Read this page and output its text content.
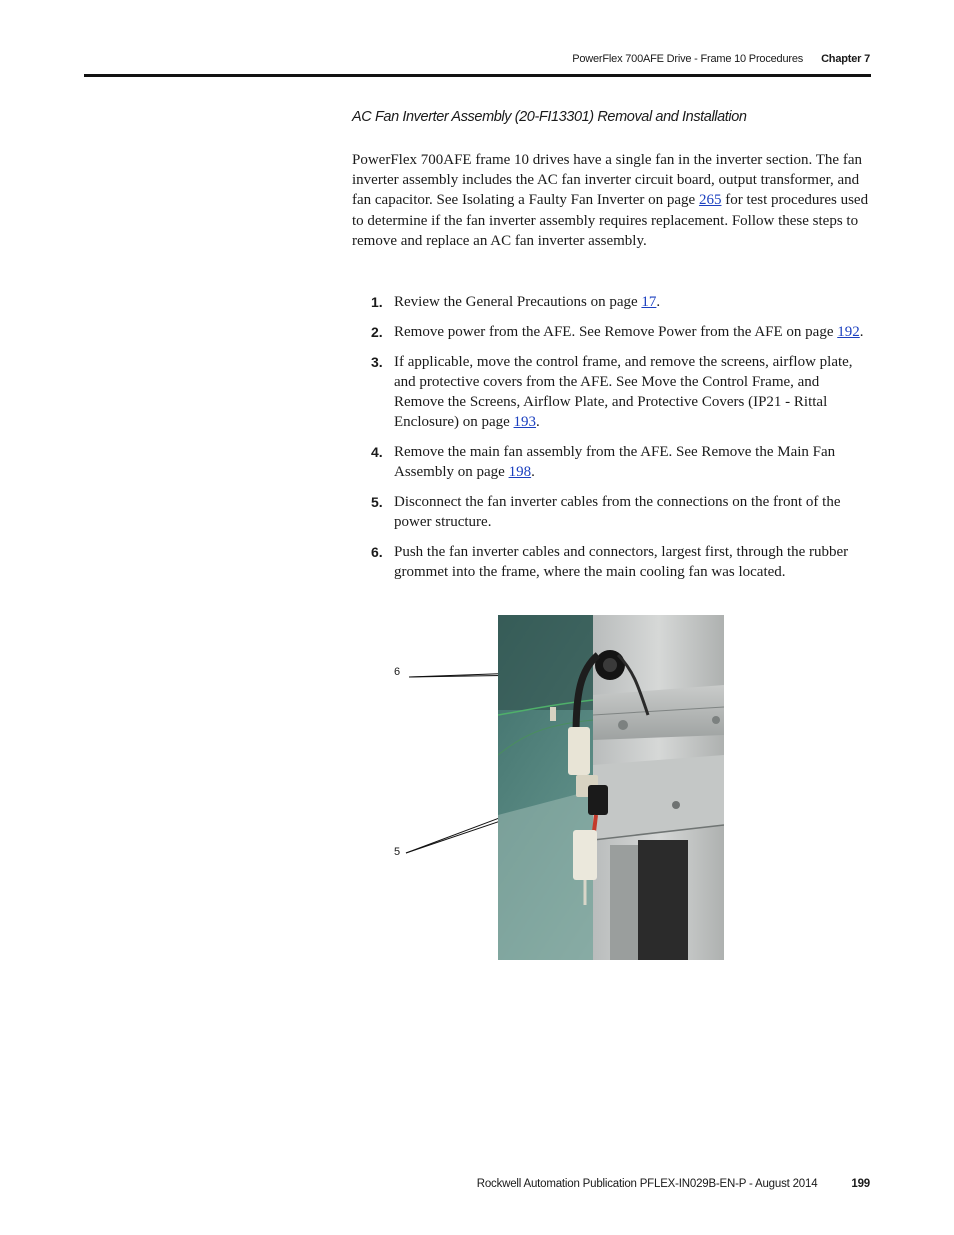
PowerFlex 700AFE Drive - Frame 10 Procedures Chapter 7
AC Fan Inverter Assembly (20-FI13301) Removal and Installation

PowerFlex 700AFE frame 10 drives have a single fan in the inverter section. The fan inverter assembly includes the AC fan inverter circuit board, output transformer, and fan capacitor. See Isolating a Faulty Fan Inverter on page 265 for test procedures used to determine if the fan inverter assembly requires replacement. Follow these steps to remove and replace an AC fan inverter assembly.

1. Review the General Precautions on page 17.
2. Remove power from the AFE. See Remove Power from the AFE on page 192.
3. If applicable, move the control frame, and remove the screens, airflow plate, and protective covers from the AFE. See Move the Control Frame, and Remove the Screens, Airflow Plate, and Protective Covers (IP21 - Rittal Enclosure) on page 193.
4. Remove the main fan assembly from the AFE. See Remove the Main Fan Assembly on page 198.
5. Disconnect the fan inverter cables from the connections on the front of the power structure.
6. Push the fan inverter cables and connectors, largest first, through the rubber grommet into the frame, where the main cooling fan was located.
6
5
Rockwell Automation Publication PFLEX-IN029B-EN-P - August 2014	199
